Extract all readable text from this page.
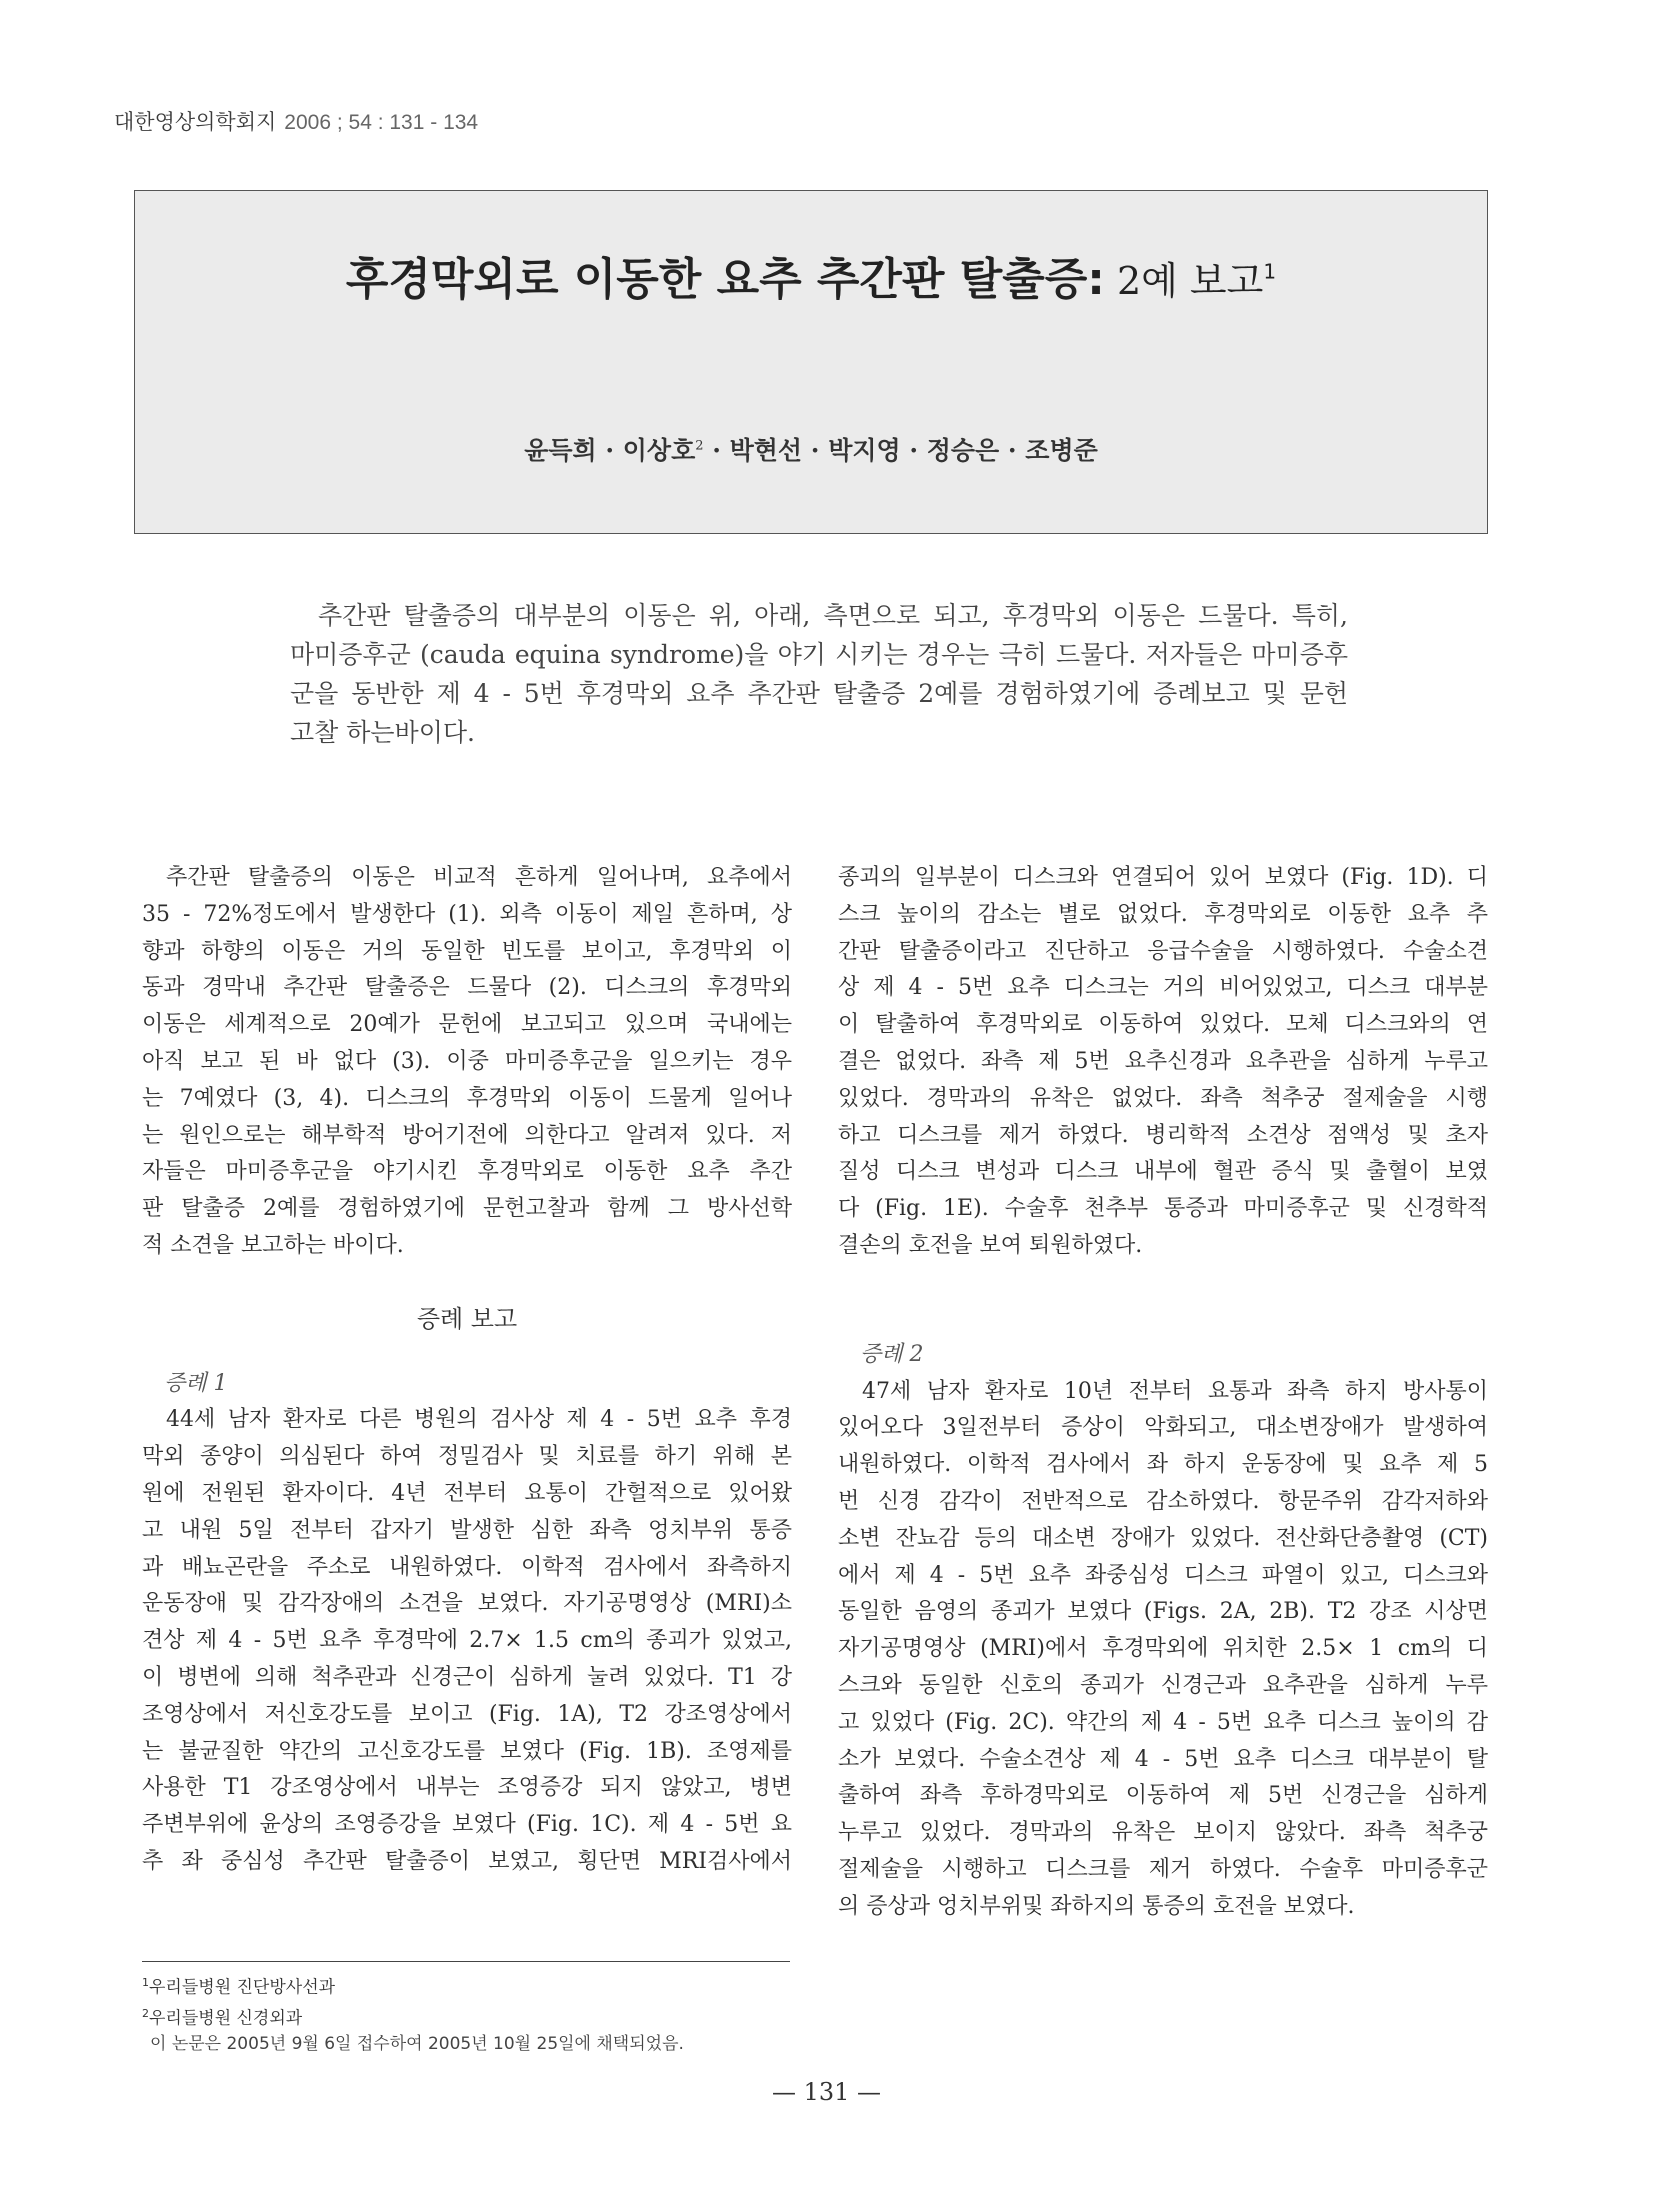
대한영상의학회지 2006 ; 54 : 131 - 134
후경막외로 이동한 요추 추간판 탈출증: 2예 보고$^1$
윤득희 · 이상호$^2$ · 박현선 · 박지영 · 정승은 · 조병준
추간판 탈출증의 대부분의 이동은 위, 아래, 측면으로 되고, 후경막외 이동은 드물다. 특히,
마미증후군 (cauda equina syndrome)을 야기 시키는 경우는 극히 드물다. 저자들은 마미증후
군을 동반한 제 4 - 5번 후경막외 요추 추간판 탈출증 2예를 경험하였기에 증례보고 및 문헌
고찰 하는바이다.
추간판 탈출증의 이동은 비교적 흔하게 일어나며, 요추에서
35 - 72%정도에서 발생한다 (1). 외측 이동이 제일 흔하며, 상
향과 하향의 이동은 거의 동일한 빈도를 보이고, 후경막외 이
동과 경막내 추간판 탈출증은 드물다 (2). 디스크의 후경막외
이동은 세계적으로 20예가 문헌에 보고되고 있으며 국내에는
아직 보고 된 바 없다 (3). 이중 마미증후군을 일으키는 경우
는 7예였다 (3, 4). 디스크의 후경막외 이동이 드물게 일어나
는 원인으로는 해부학적 방어기전에 의한다고 알려져 있다. 저
자들은 마미증후군을 야기시킨 후경막외로 이동한 요추 추간
판 탈출증 2예를 경험하였기에 문헌고찰과 함께 그 방사선학
적 소견을 보고하는 바이다.
증례 보고
증례 1
44세 남자 환자로 다른 병원의 검사상 제 4 - 5번 요추 후경
막외 종양이 의심된다 하여 정밀검사 및 치료를 하기 위해 본
원에 전원된 환자이다. 4년 전부터 요통이 간헐적으로 있어왔
고 내원 5일 전부터 갑자기 발생한 심한 좌측 엉치부위 통증
과 배뇨곤란을 주소로 내원하였다. 이학적 검사에서 좌측하지
운동장애 및 감각장애의 소견을 보였다. 자기공명영상 (MRI)소
견상 제 4 - 5번 요추 후경막에 2.7× 1.5 cm의 종괴가 있었고,
이 병변에 의해 척추관과 신경근이 심하게 눌려 있었다. T1 강
조영상에서 저신호강도를 보이고 (Fig. 1A), T2 강조영상에서
는 불균질한 약간의 고신호강도를 보였다 (Fig. 1B). 조영제를
사용한 T1 강조영상에서 내부는 조영증강 되지 않았고, 병변
주변부위에 윤상의 조영증강을 보였다 (Fig. 1C). 제 4 - 5번 요
추 좌 중심성 추간판 탈출증이 보였고, 횡단면 MRI검사에서
종괴의 일부분이 디스크와 연결되어 있어 보였다 (Fig. 1D). 디
스크 높이의 감소는 별로 없었다. 후경막외로 이동한 요추 추
간판 탈출증이라고 진단하고 응급수술을 시행하였다. 수술소견
상 제 4 - 5번 요추 디스크는 거의 비어있었고, 디스크 대부분
이 탈출하여 후경막외로 이동하여 있었다. 모체 디스크와의 연
결은 없었다. 좌측 제 5번 요추신경과 요추관을 심하게 누루고
있었다. 경막과의 유착은 없었다. 좌측 척추궁 절제술을 시행
하고 디스크를 제거 하였다. 병리학적 소견상 점액성 및 초자
질성 디스크 변성과 디스크 내부에 혈관 증식 및 출혈이 보였
다 (Fig. 1E). 수술후 천추부 통증과 마미증후군 및 신경학적
결손의 호전을 보여 퇴원하였다.
증례 2
47세 남자 환자로 10년 전부터 요통과 좌측 하지 방사통이
있어오다 3일전부터 증상이 악화되고, 대소변장애가 발생하여
내원하였다. 이학적 검사에서 좌 하지 운동장에 및 요추 제 5
번 신경 감각이 전반적으로 감소하였다. 항문주위 감각저하와
소변 잔뇨감 등의 대소변 장애가 있었다. 전산화단층촬영 (CT)
에서 제 4 - 5번 요추 좌중심성 디스크 파열이 있고, 디스크와
동일한 음영의 종괴가 보였다 (Figs. 2A, 2B). T2 강조 시상면
자기공명영상 (MRI)에서 후경막외에 위치한 2.5× 1 cm의 디
스크와 동일한 신호의 종괴가 신경근과 요추관을 심하게 누루
고 있었다 (Fig. 2C). 약간의 제 4 - 5번 요추 디스크 높이의 감
소가 보였다. 수술소견상 제 4 - 5번 요추 디스크 대부분이 탈
출하여 좌측 후하경막외로 이동하여 제 5번 신경근을 심하게
누루고 있었다. 경막과의 유착은 보이지 않았다. 좌측 척추궁
절제술을 시행하고 디스크를 제거 하였다. 수술후 마미증후군
의 증상과 엉치부위및 좌하지의 통증의 호전을 보였다.
$^1$우리들병원 진단방사선과
$^2$우리들병원 신경외과
이 논문은 2005년 9월 6일 접수하여 2005년 10월 25일에 채택되었음.
— 131 —
